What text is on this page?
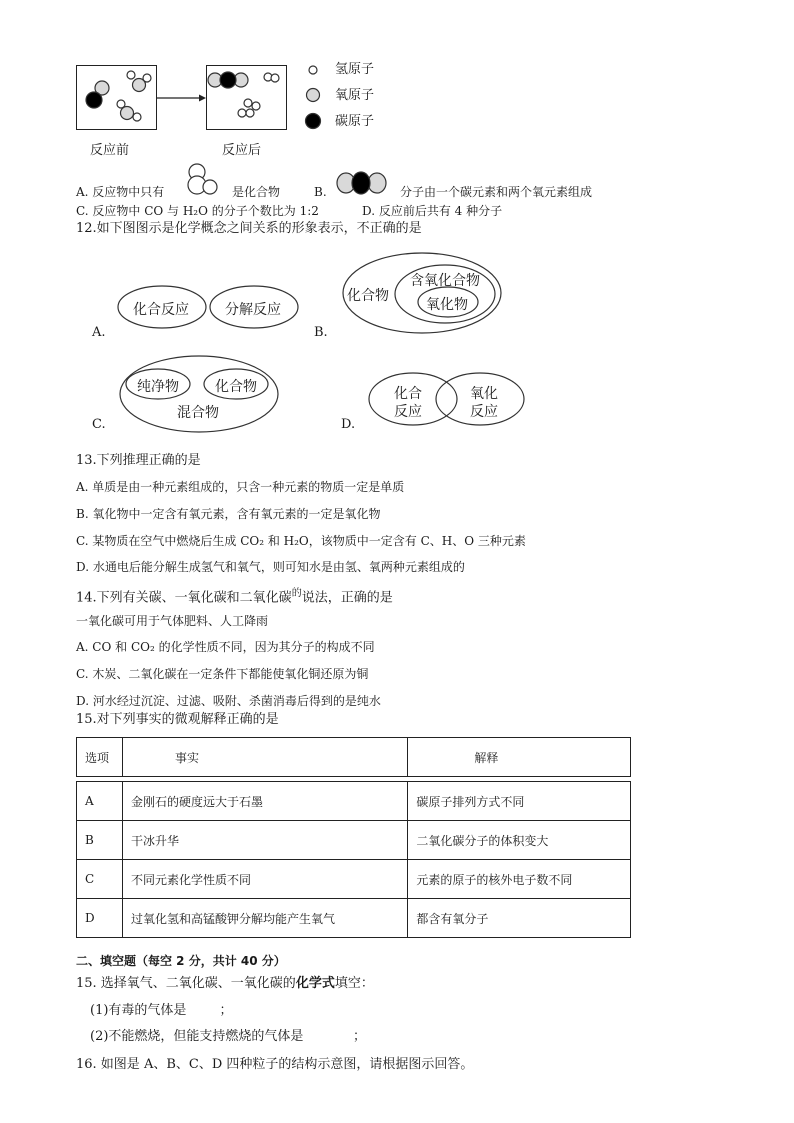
反应前	反应后
氢原子
氧原子
碳原子
A. 反应物中只有	是化合物	B.	分子由一个碳元素和两个氧元素组成
C. 反应物中 CO 与 H₂O 的分子个数比为 1:2	D. 反应前后共有 4 种分子
12.如下图图示是化学概念之间关系的形象表示，不正确的是
A.
化合反应	分解反应
B.
化合物
含氧化合物
氧化物
C.
纯净物	化合物
混合物
D.
化合
反应
氧化
反应
13.下列推理正确的是
A. 单质是由一种元素组成的，只含一种元素的物质一定是单质
B. 氧化物中一定含有氧元素，含有氧元素的一定是氧化物
C. 某物质在空气中燃烧后生成 CO₂ 和 H₂O，该物质中一定含有 C、H、O 三种元素
D. 水通电后能分解生成氢气和氧气，则可知水是由氢、氧两种元素组成的
14.下列有关碳、一氧化碳和二氧化碳$^的$说法，正确的是
一氧化碳可用于气体肥料、人工降雨
A. CO 和 CO₂ 的化学性质不同，因为其分子的构成不同
C. 木炭、二氧化碳在一定条件下都能使氧化铜还原为铜
D. 河水经过沉淀、过滤、吸附、杀菌消毒后得到的是纯水
15.对下列事实的微观解释正确的是
选项	事实	解释

A	金刚石的硬度远大于石墨	碳原子排列方式不同
B	干冰升华	二氧化碳分子的体积变大
C	不同元素化学性质不同	元素的原子的核外电子数不同
D	过氧化氢和高锰酸钾分解均能产生氧气	都含有氧分子
二、填空题（每空 2 分，共计 40 分）
15. 选择氧气、二氧化碳、一氧化碳的化学式填空：
(1)有毒的气体是        ；
(2)不能燃烧，但能支持燃烧的气体是            ；
16. 如图是 A、B、C、D 四种粒子的结构示意图，请根据图示回答。
